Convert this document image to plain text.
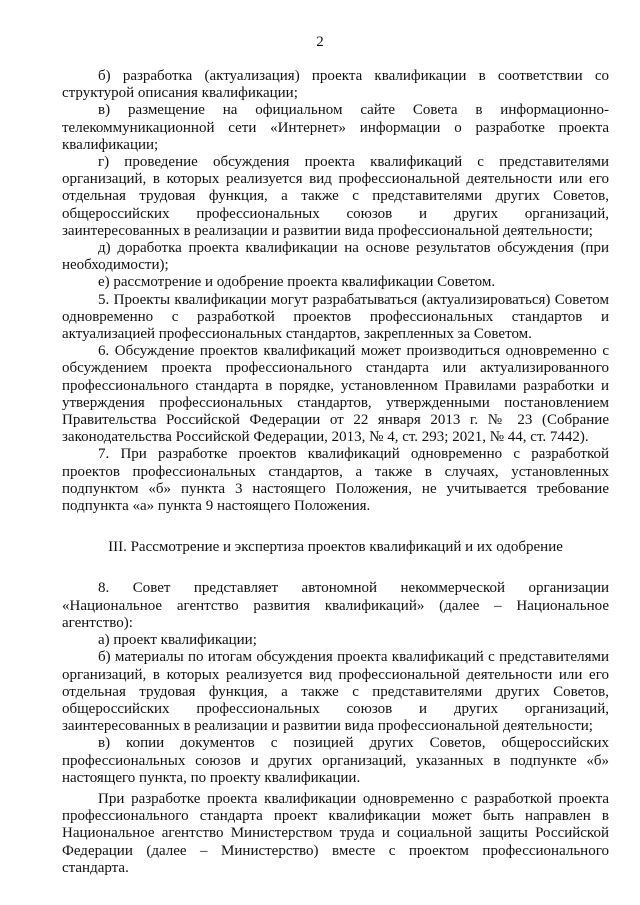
2

б) разработка (актуализация) проекта квалификации в соответствии со структурой описания квалификации;

в) размещение на официальном сайте Совета в информационно-телекоммуникационной сети «Интернет» информации о разработке проекта квалификации;

г) проведение обсуждения проекта квалификаций с представителями организаций, в которых реализуется вид профессиональной деятельности или его отдельная трудовая функция, а также с представителями других Советов, общероссийских профессиональных союзов и других организаций, заинтересованных в реализации и развитии вида профессиональной деятельности;

д) доработка проекта квалификации на основе результатов обсуждения (при необходимости);

е) рассмотрение и одобрение проекта квалификации Советом.

5. Проекты квалификации могут разрабатываться (актуализироваться) Советом одновременно с разработкой проектов профессиональных стандартов и актуализацией профессиональных стандартов, закрепленных за Советом.

6. Обсуждение проектов квалификаций может производиться одновременно с обсуждением проекта профессионального стандарта или актуализированного профессионального стандарта в порядке, установленном Правилами разработки и утверждения профессиональных стандартов, утвержденными постановлением Правительства Российской Федерации от 22 января 2013 г. № 23 (Собрание законодательства Российской Федерации, 2013, № 4, ст. 293; 2021, № 44, ст. 7442).

7. При разработке проектов квалификаций одновременно с разработкой проектов профессиональных стандартов, а также в случаях, установленных подпунктом «б» пункта 3 настоящего Положения, не учитывается требование подпункта «а» пункта 9 настоящего Положения.

III. Рассмотрение и экспертиза проектов квалификаций и их одобрение

8. Совет представляет автономной некоммерческой организации «Национальное агентство развития квалификаций» (далее – Национальное агентство):

а) проект квалификации;

б) материалы по итогам обсуждения проекта квалификаций с представителями организаций, в которых реализуется вид профессиональной деятельности или его отдельная трудовая функция, а также с представителями других Советов, общероссийских профессиональных союзов и других организаций, заинтересованных в реализации и развитии вида профессиональной деятельности;

в) копии документов с позицией других Советов, общероссийских профессиональных союзов и других организаций, указанных в подпункте «б» настоящего пункта, по проекту квалификации.

При разработке проекта квалификации одновременно с разработкой проекта профессионального стандарта проект квалификации может быть направлен в Национальное агентство Министерством труда и социальной защиты Российской Федерации (далее – Министерство) вместе с проектом профессионального стандарта.
